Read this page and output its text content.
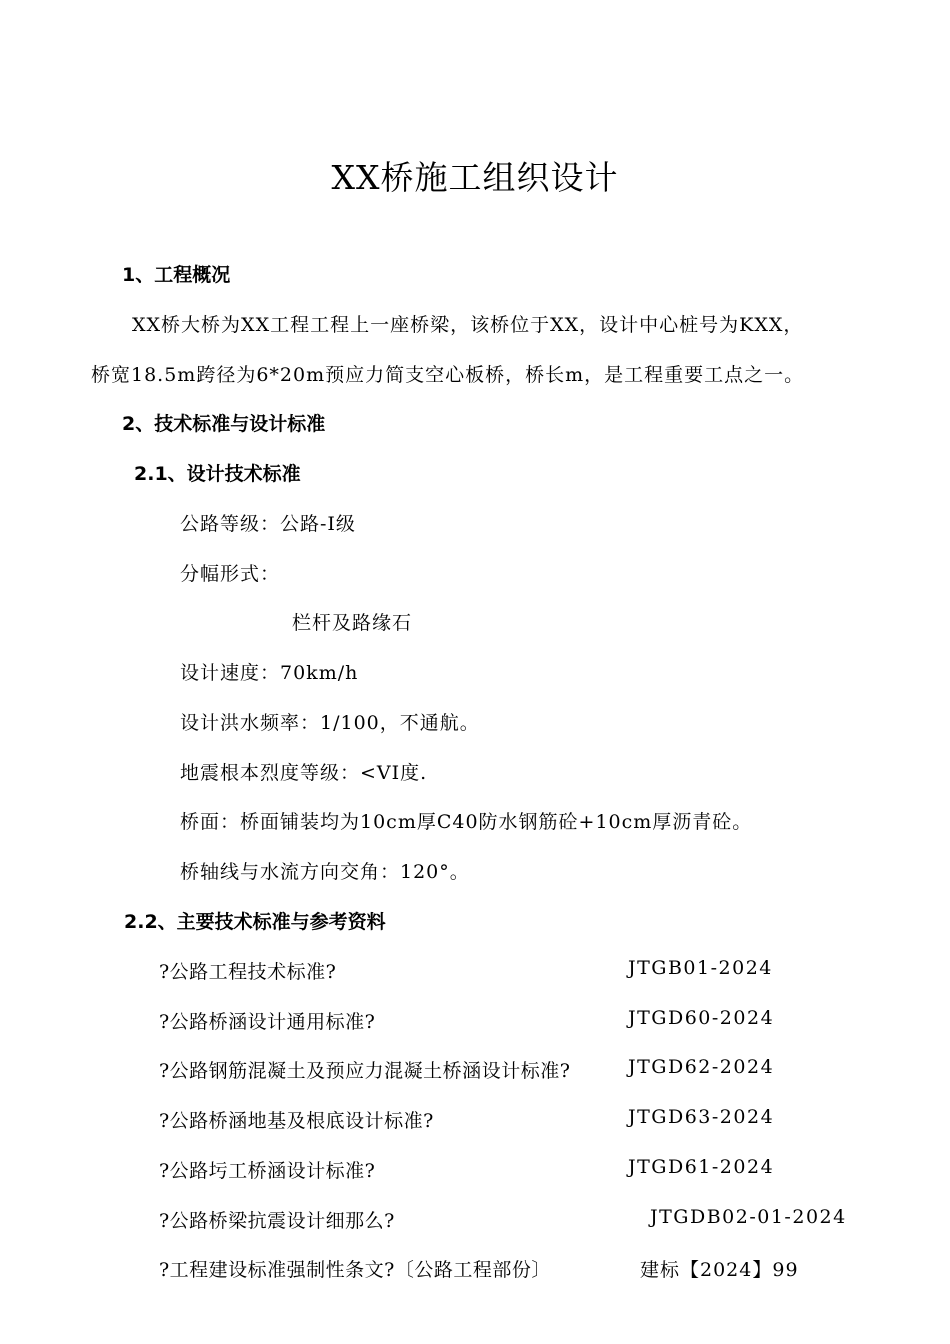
XX桥施工组织设计
1、工程概况

XX桥大桥为XX工程工程上一座桥梁，该桥位于XX，设计中心桩号为KXX，

桥宽18.5m跨径为6*20m预应力简支空心板桥，桥长m，是工程重要工点之一。

2、技术标准与设计标准
2.1、设计技术标准

公路等级：公路-I级

分幅形式：

栏杆及路缘石

设计速度：70km/h

设计洪水频率：1/100，不通航。

地震根本烈度等级：<VI度.

桥面：桥面铺装均为10cm厚C40防水钢筋砼+10cm厚沥青砼。

桥轴线与水流方向交角：120°。

2.2、主要技术标准与参考资料
?公路工程技术标准?	JTGB01-2024
?公路桥涵设计通用标准?	JTGD60-2024
?公路钢筋混凝土及预应力混凝土桥涵设计标准?	JTGD62-2024
?公路桥涵地基及根底设计标准?	JTGD63-2024
?公路圬工桥涵设计标准?	JTGD61-2024
?公路桥梁抗震设计细那么?	JTGDB02-01-2024
?工程建设标准强制性条文?〔公路工程部份〕	建标【2024】99
